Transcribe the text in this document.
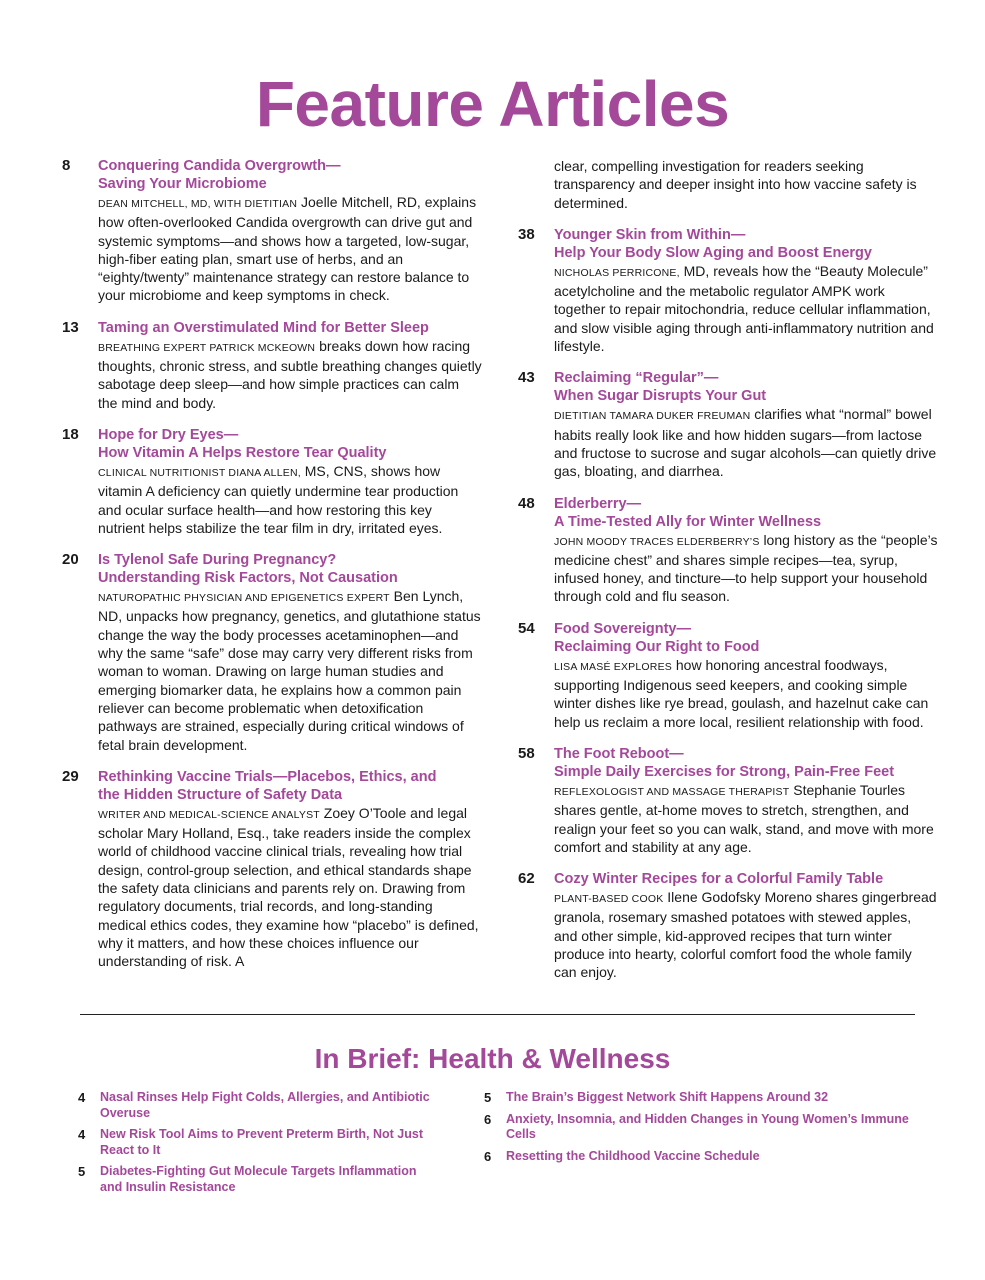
Feature Articles
8	Conquering Candida Overgrowth—
Saving Your Microbiome
DEAN MITCHELL, MD, WITH DIETITIAN Joelle Mitchell, RD, explains how often-overlooked Candida overgrowth can drive gut and systemic symptoms—and shows how a targeted, low-sugar, high-fiber eating plan, smart use of herbs, and an “eighty/twenty” maintenance strategy can restore balance to your microbiome and keep symptoms in check.
13	Taming an Overstimulated Mind for Better Sleep
BREATHING EXPERT PATRICK MCKEOWN breaks down how racing thoughts, chronic stress, and subtle breathing changes quietly sabotage deep sleep—and how simple practices can calm the mind and body.
18	Hope for Dry Eyes—
How Vitamin A Helps Restore Tear Quality
CLINICAL NUTRITIONIST DIANA ALLEN, MS, CNS, shows how vitamin A deficiency can quietly undermine tear production and ocular surface health—and how restoring this key nutrient helps stabilize the tear film in dry, irritated eyes.
20	Is Tylenol Safe During Pregnancy?
Understanding Risk Factors, Not Causation
NATUROPATHIC PHYSICIAN AND EPIGENETICS EXPERT Ben Lynch, ND, unpacks how pregnancy, genetics, and glutathione status change the way the body processes acetaminophen—and why the same “safe” dose may carry very different risks from woman to woman. Drawing on large human studies and emerging biomarker data, he explains how a common pain reliever can become problematic when detoxification pathways are strained, especially during critical windows of fetal brain development.
29	Rethinking Vaccine Trials—Placebos, Ethics, and
the Hidden Structure of Safety Data
WRITER AND MEDICAL-SCIENCE ANALYST Zoey O’Toole and legal scholar Mary Holland, Esq., take readers inside the complex world of childhood vaccine clinical trials, revealing how trial design, control-group selection, and ethical standards shape the safety data clinicians and parents rely on. Drawing from regulatory documents, trial records, and long-standing medical ethics codes, they examine how “placebo” is defined, why it matters, and how these choices influence our understanding of risk. A
clear, compelling investigation for readers seeking transparency and deeper insight into how vaccine safety is determined.
38	Younger Skin from Within—
Help Your Body Slow Aging and Boost Energy
NICHOLAS PERRICONE, MD, reveals how the “Beauty Molecule” acetylcholine and the metabolic regulator AMPK work together to repair mitochondria, reduce cellular inflammation, and slow visible aging through anti-inflammatory nutrition and lifestyle.
43	Reclaiming “Regular”—
When Sugar Disrupts Your Gut
DIETITIAN TAMARA DUKER FREUMAN clarifies what “normal” bowel habits really look like and how hidden sugars—from lactose and fructose to sucrose and sugar alcohols—can quietly drive gas, bloating, and diarrhea.
48	Elderberry—
A Time-Tested Ally for Winter Wellness
JOHN MOODY TRACES ELDERBERRY’S long history as the “people’s medicine chest” and shares simple recipes—tea, syrup, infused honey, and tincture—to help support your household through cold and flu season.
54	Food Sovereignty—
Reclaiming Our Right to Food
LISA MASÉ EXPLORES how honoring ancestral foodways, supporting Indigenous seed keepers, and cooking simple winter dishes like rye bread, goulash, and hazelnut cake can help us reclaim a more local, resilient relationship with food.
58	The Foot Reboot—
Simple Daily Exercises for Strong, Pain-Free Feet
REFLEXOLOGIST AND MASSAGE THERAPIST Stephanie Tourles shares gentle, at-home moves to stretch, strengthen, and realign your feet so you can walk, stand, and move with more comfort and stability at any age.
62	Cozy Winter Recipes for a Colorful Family Table
PLANT-BASED COOK Ilene Godofsky Moreno shares gingerbread granola, rosemary smashed potatoes with stewed apples, and other simple, kid-approved recipes that turn winter produce into hearty, colorful comfort food the whole family can enjoy.
In Brief: Health & Wellness
4 Nasal Rinses Help Fight Colds, Allergies, and Antibiotic Overuse
4 New Risk Tool Aims to Prevent Preterm Birth, Not Just React to It
5 Diabetes-Fighting Gut Molecule Targets Inflammation and Insulin Resistance
5 The Brain’s Biggest Network Shift Happens Around 32
6 Anxiety, Insomnia, and Hidden Changes in Young Women’s Immune Cells
6 Resetting the Childhood Vaccine Schedule
